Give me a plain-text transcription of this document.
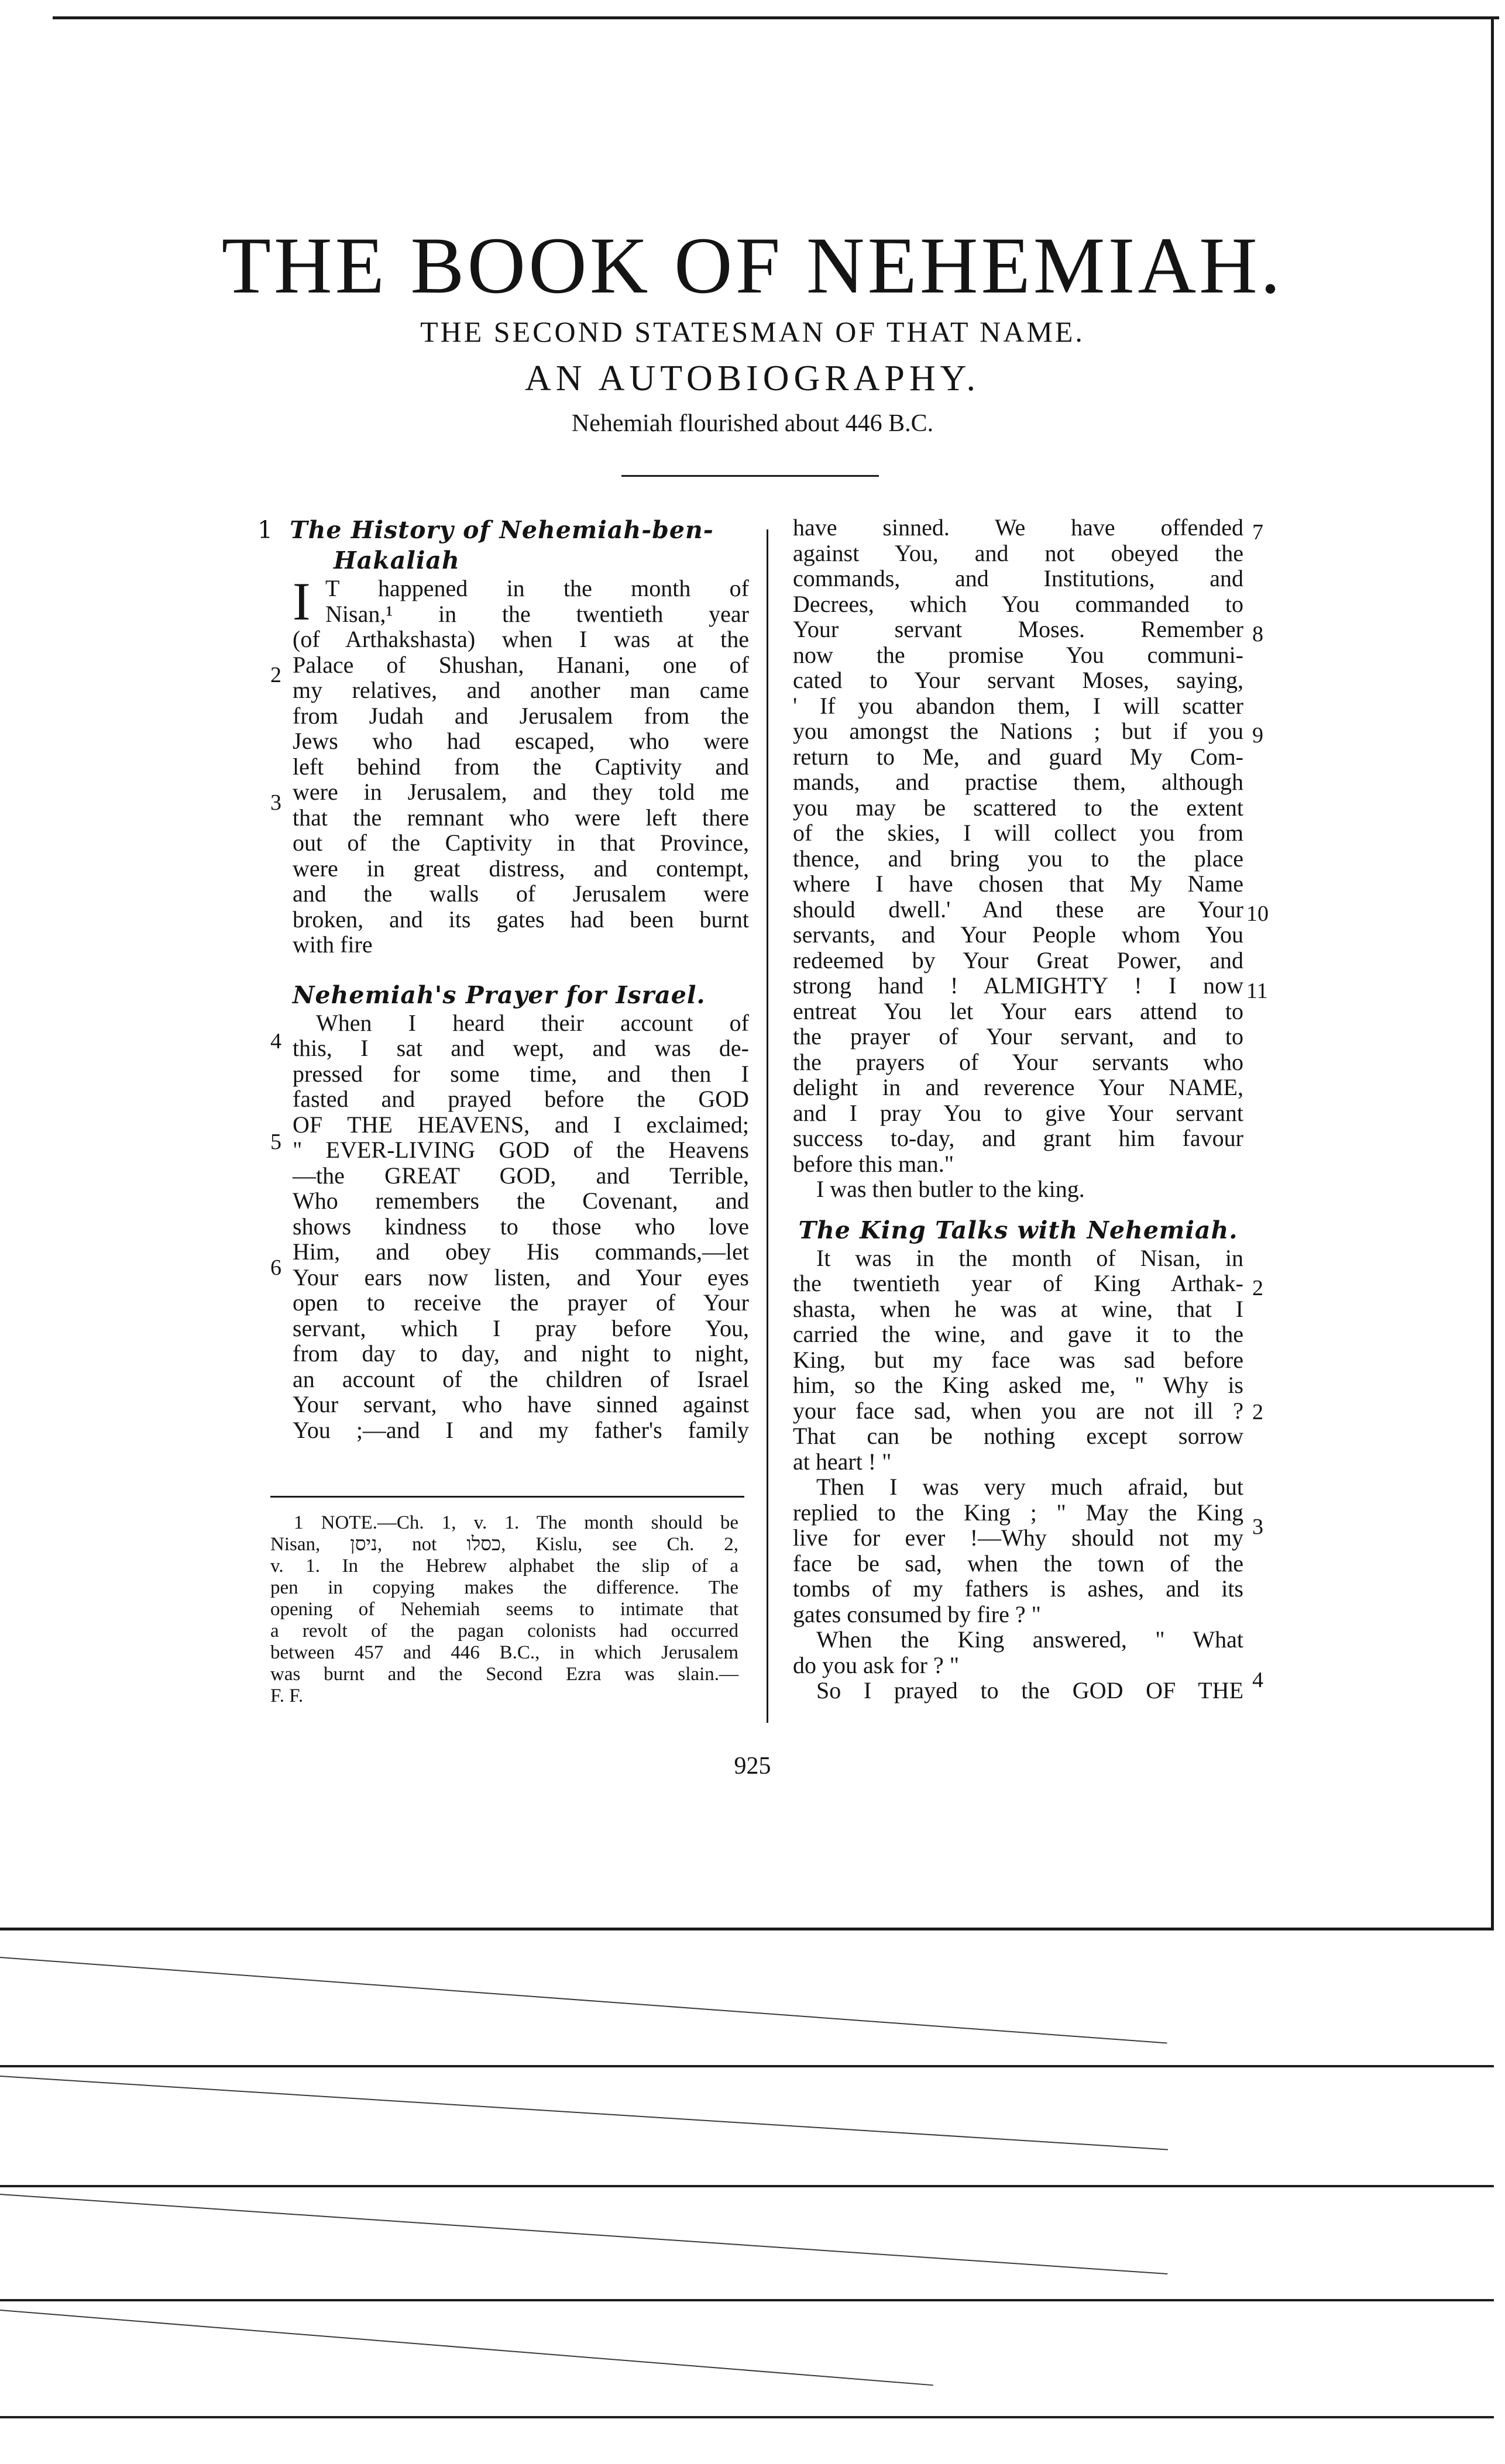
THE BOOK OF NEHEMIAH.
THE SECOND STATESMAN OF THAT NAME.
AN AUTOBIOGRAPHY.
Nehemiah flourished about 446 B.C.
1 The History of Nehemiah-ben-
Hakaliah
I T happened in the month of
Nisan,¹ in the twentieth year
(of Arthakshasta) when I was at the
Palace of Shushan, Hanani, one of
my relatives, and another man came
from Judah and Jerusalem from the
Jews who had escaped, who were
left behind from the Captivity and
were in Jerusalem, and they told me
that the remnant who were left there
out of the Captivity in that Province,
were in great distress, and contempt,
and the walls of Jerusalem were
broken, and its gates had been burnt
with fire
Nehemiah's Prayer for Israel.
When I heard their account of
this, I sat and wept, and was de-
pressed for some time, and then I
fasted and prayed before the GOD
OF THE HEAVENS, and I exclaimed;
" EVER-LIVING GOD of the Heavens
—the GREAT GOD, and Terrible,
Who remembers the Covenant, and
shows kindness to those who love
Him, and obey His commands,—let
Your ears now listen, and Your eyes
open to receive the prayer of Your
servant, which I pray before You,
from day to day, and night to night,
an account of the children of Israel
Your servant, who have sinned against
You ;—and I and my father's family
have sinned. We have offended
against You, and not obeyed the
commands, and Institutions, and
Decrees, which You commanded to
Your servant Moses. Remember
now the promise You communi-
cated to Your servant Moses, saying,
' If you abandon them, I will scatter
you amongst the Nations ; but if you
return to Me, and guard My Com-
mands, and practise them, although
you may be scattered to the extent
of the skies, I will collect you from
thence, and bring you to the place
where I have chosen that My Name
should dwell.' And these are Your
servants, and Your People whom You
redeemed by Your Great Power, and
strong hand ! ALMIGHTY ! I now
entreat You let Your ears attend to
the prayer of Your servant, and to
the prayers of Your servants who
delight in and reverence Your NAME,
and I pray You to give Your servant
success to-day, and grant him favour
before this man."
I was then butler to the king.
The King Talks with Nehemiah.
It was in the month of Nisan, in
the twentieth year of King Arthak-
shasta, when he was at wine, that I
carried the wine, and gave it to the
King, but my face was sad before
him, so the King asked me, " Why is
your face sad, when you are not ill ?
That can be nothing except sorrow
at heart ! "
Then I was very much afraid, but
replied to the King ; " May the King
live for ever !—Why should not my
face be sad, when the town of the
tombs of my fathers is ashes, and its
gates consumed by fire ? "
When the King answered, " What
do you ask for ? "
So I prayed to the GOD OF THE
2
3
4
5
6
7
8
9
10
11
2
2
3
4
1 NOTE.—Ch. 1, v. 1. The month should be
Nisan, ניסן, not כסלו, Kislu, see Ch. 2,
v. 1. In the Hebrew alphabet the slip of a
pen in copying makes the difference. The
opening of Nehemiah seems to intimate that
a revolt of the pagan colonists had occurred
between 457 and 446 B.C., in which Jerusalem
was burnt and the Second Ezra was slain.—
F. F.
925
